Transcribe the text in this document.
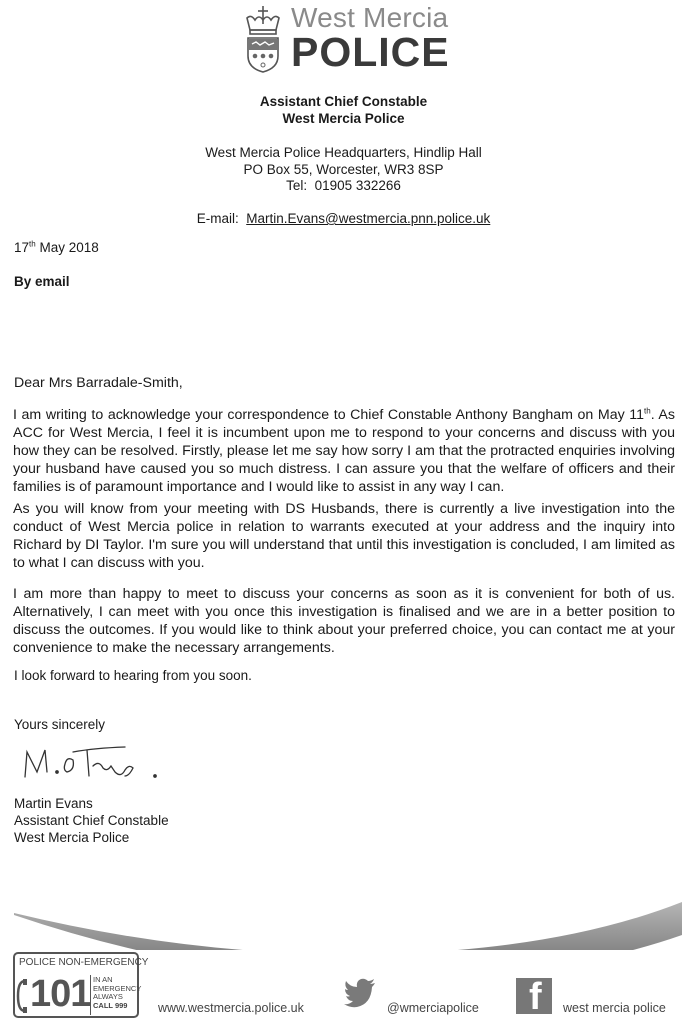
West Mercia
POLICE
Assistant Chief Constable
West Mercia Police
West Mercia Police Headquarters, Hindlip Hall
PO Box 55, Worcester, WR3 8SP
Tel: 01905 332266
E-mail: Martin.Evans@westmercia.pnn.police.uk
17th May 2018
By email
Dear Mrs Barradale-Smith,

I am writing to acknowledge your correspondence to Chief Constable Anthony Bangham on May 11th. As ACC for West Mercia, I feel it is incumbent upon me to respond to your concerns and discuss with you how they can be resolved. Firstly, please let me say how sorry I am that the protracted enquiries involving your husband have caused you so much distress. I can assure you that the welfare of officers and their families is of paramount importance and I would like to assist in any way I can.

As you will know from your meeting with DS Husbands, there is currently a live investigation into the conduct of West Mercia police in relation to warrants executed at your address and the inquiry into Richard by DI Taylor. I'm sure you will understand that until this investigation is concluded, I am limited as to what I can discuss with you.

I am more than happy to meet to discuss your concerns as soon as it is convenient for both of us. Alternatively, I can meet with you once this investigation is finalised and we are in a better position to discuss the outcomes. If you would like to think about your preferred choice, you can contact me at your convenience to make the necessary arrangements.

I look forward to hearing from you soon.
Yours sincerely
Martin Evans
Assistant Chief Constable
West Mercia Police
POLICE NON-EMERGENCY
101 IN AN
EMERGENCY
ALWAYS
CALL 999	www.westmercia.police.uk	@wmerciapolice f west mercia police
